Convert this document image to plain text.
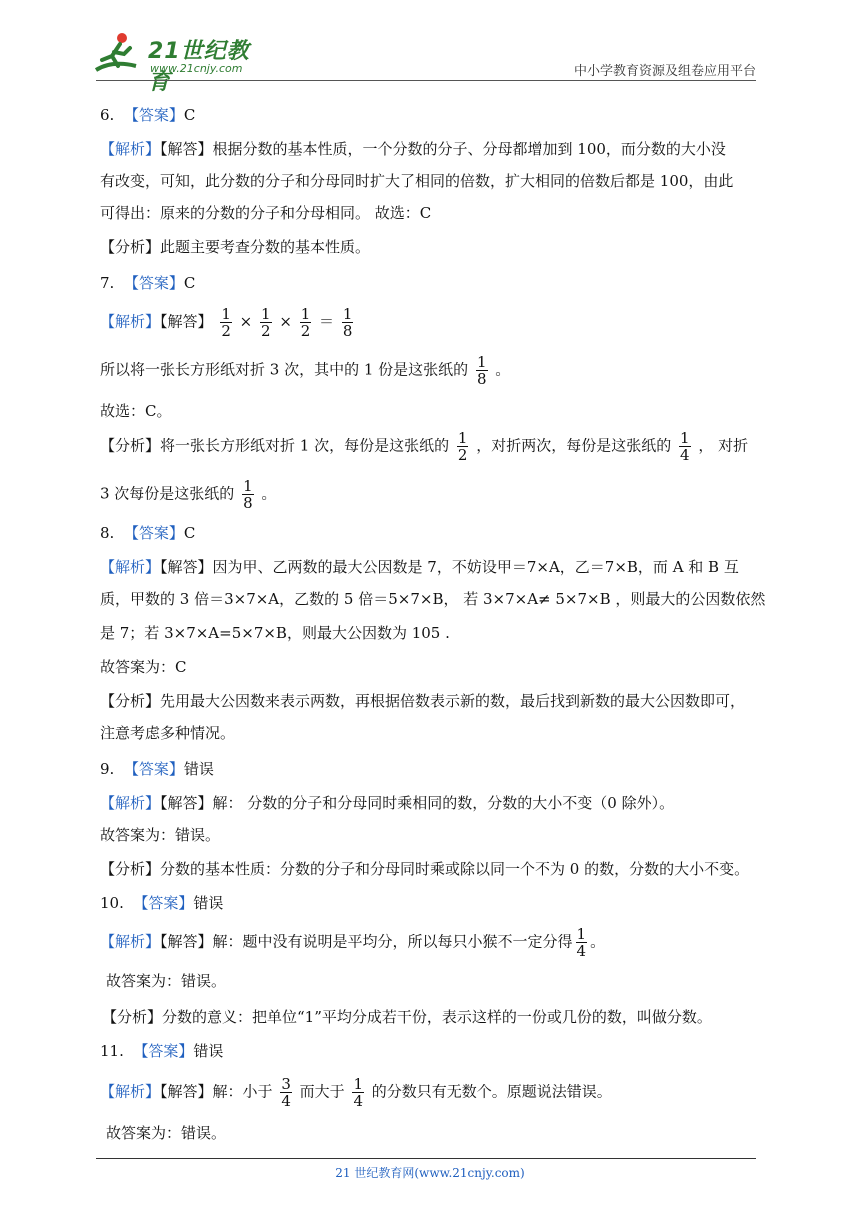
21世纪教育
www.21cnjy.com	中小学教育资源及组卷应用平台
6. 【答案】C
【解析】【解答】根据分数的基本性质，一个分数的分子、分母都增加到 100，而分数的大小没
有改变，可知，此分数的分子和分母同时扩大了相同的倍数，扩大相同的倍数后都是 100，由此
可得出：原来的分数的分子和分母相同。 故选：C
【分析】此题主要考查分数的基本性质。
7. 【答案】C
【解析】【解答】 $\frac{1}{2} \times \frac{1}{2} \times \frac{1}{2} = \frac{1}{8}$
所以将一张长方形纸对折 3 次，其中的 1 份是这张纸的 $\frac{1}{8}$ 。
故选：C。
【分析】将一张长方形纸对折 1 次，每份是这张纸的 $\frac{1}{2}$ ，对折两次，每份是这张纸的 $\frac{1}{4}$ ， 对折
3 次每份是这张纸的 $\frac{1}{8}$ 。
8. 【答案】C
【解析】【解答】因为甲、乙两数的最大公因数是 7，不妨设甲＝7×A，乙＝7×B，而 A 和 B 互
质，甲数的 3 倍＝3×7×A，乙数的 5 倍＝5×7×B， 若 3×7×A≠ 5×7×B ，则最大的公因数依然
是 7；若 3×7×A=5×7×B，则最大公因数为 105 .
故答案为：C
【分析】先用最大公因数来表示两数，再根据倍数表示新的数，最后找到新数的最大公因数即可，
注意考虑多种情况。
9. 【答案】错误
【解析】【解答】解： 分数的分子和分母同时乘相同的数，分数的大小不变（0 除外）。
故答案为：错误。
【分析】分数的基本性质：分数的分子和分母同时乘或除以同一个不为 0 的数，分数的大小不变。
10. 【答案】错误
【解析】【解答】解：题中没有说明是平均分，所以每只小猴不一定分得 $\frac{1}{4}$ 。
故答案为：错误。
【分析】分数的意义：把单位“1”平均分成若干份，表示这样的一份或几份的数，叫做分数。
11. 【答案】错误
【解析】【解答】解：小于 $\frac{3}{4}$ 而大于 $\frac{1}{4}$ 的分数只有无数个。原题说法错误。
故答案为：错误。
21 世纪教育网(www.21cnjy.com)
